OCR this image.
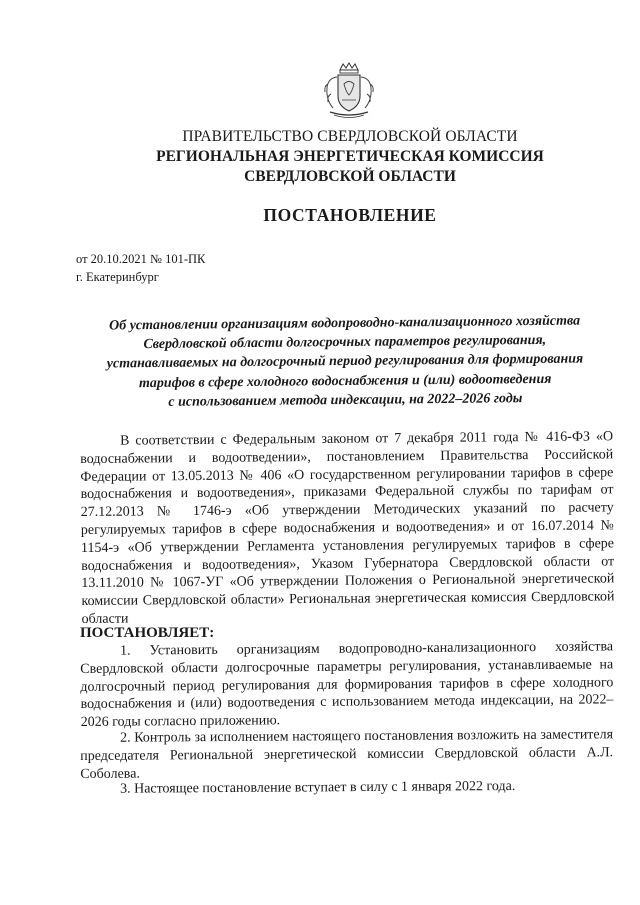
ПРАВИТЕЛЬСТВО СВЕРДЛОВСКОЙ ОБЛАСТИ
РЕГИОНАЛЬНАЯ ЭНЕРГЕТИЧЕСКАЯ КОМИССИЯ
СВЕРДЛОВСКОЙ ОБЛАСТИ
ПОСТАНОВЛЕНИЕ
от 20.10.2021 № 101-ПК
г. Екатеринбург
Об установлении организациям водопроводно-канализационного хозяйства
Свердловской области долгосрочных параметров регулирования,
устанавливаемых на долгосрочный период регулирования для формирования
тарифов в сфере холодного водоснабжения и (или) водоотведения
с использованием метода индексации, на 2022–2026 годы
В соответствии с Федеральным законом от 7 декабря 2011 года № 416-ФЗ «О водоснабжении и водоотведении», постановлением Правительства Российской Федерации от 13.05.2013 № 406 «О государственном регулировании тарифов в сфере водоснабжения и водоотведения», приказами Федеральной службы по тарифам от 27.12.2013 № 1746-э «Об утверждении Методических указаний по расчету регулируемых тарифов в сфере водоснабжения и водоотведения» и от 16.07.2014 № 1154-э «Об утверждении Регламента установления регулируемых тарифов в сфере водоснабжения и водоотведения», Указом Губернатора Свердловской области от 13.11.2010 № 1067-УГ «Об утверждении Положения о Региональной энергетической комиссии Свердловской области» Региональная энергетическая комиссия Свердловской области
ПОСТАНОВЛЯЕТ:
1. Установить организациям водопроводно-канализационного хозяйства Свердловской области долгосрочные параметры регулирования, устанавливаемые на долгосрочный период регулирования для формирования тарифов в сфере холодного водоснабжения и (или) водоотведения с использованием метода индексации, на 2022–2026 годы согласно приложению.
2. Контроль за исполнением настоящего постановления возложить на заместителя председателя Региональной энергетической комиссии Свердловской области А.Л. Соболева.
3. Настоящее постановление вступает в силу с 1 января 2022 года.
